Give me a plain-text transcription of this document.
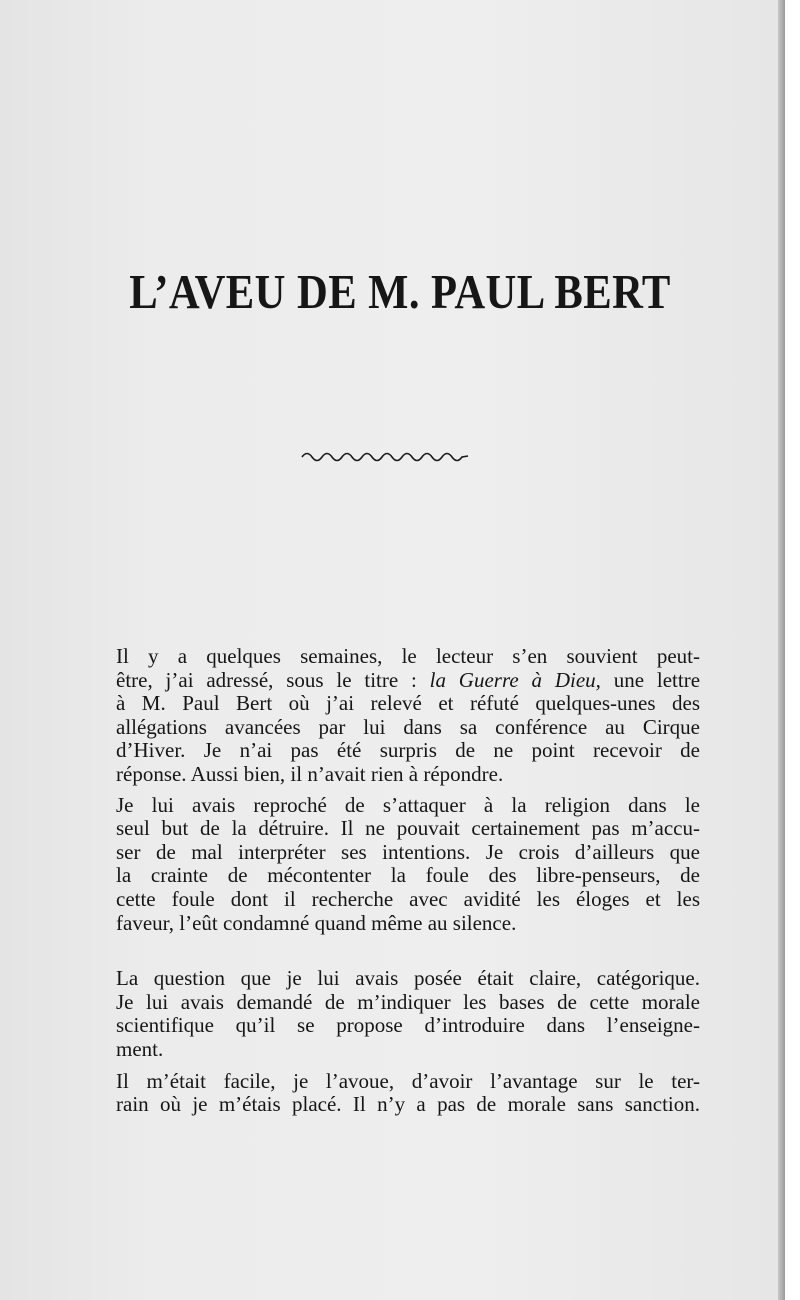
L’AVEU DE M. PAUL BERT

Il y a quelques semaines, le lecteur s’en souvient peut-
être, j’ai adressé, sous le titre : la Guerre à Dieu, une lettre
à M. Paul Bert où j’ai relevé et réfuté quelques-unes des
allégations avancées par lui dans sa conférence au Cirque
d’Hiver. Je n’ai pas été surpris de ne point recevoir de
réponse. Aussi bien, il n’avait rien à répondre.

Je lui avais reproché de s’attaquer à la religion dans le
seul but de la détruire. Il ne pouvait certainement pas m’accu-
ser de mal interpréter ses intentions. Je crois d’ailleurs que
la crainte de mécontenter la foule des libre-penseurs, de
cette foule dont il recherche avec avidité les éloges et les
faveur, l’eût condamné quand même au silence.

La question que je lui avais posée était claire, catégorique.
Je lui avais demandé de m’indiquer les bases de cette morale
scientifique qu’il se propose d’introduire dans l’enseigne-
ment.

Il m’était facile, je l’avoue, d’avoir l’avantage sur le ter-
rain où je m’étais placé. Il n’y a pas de morale sans sanction.
